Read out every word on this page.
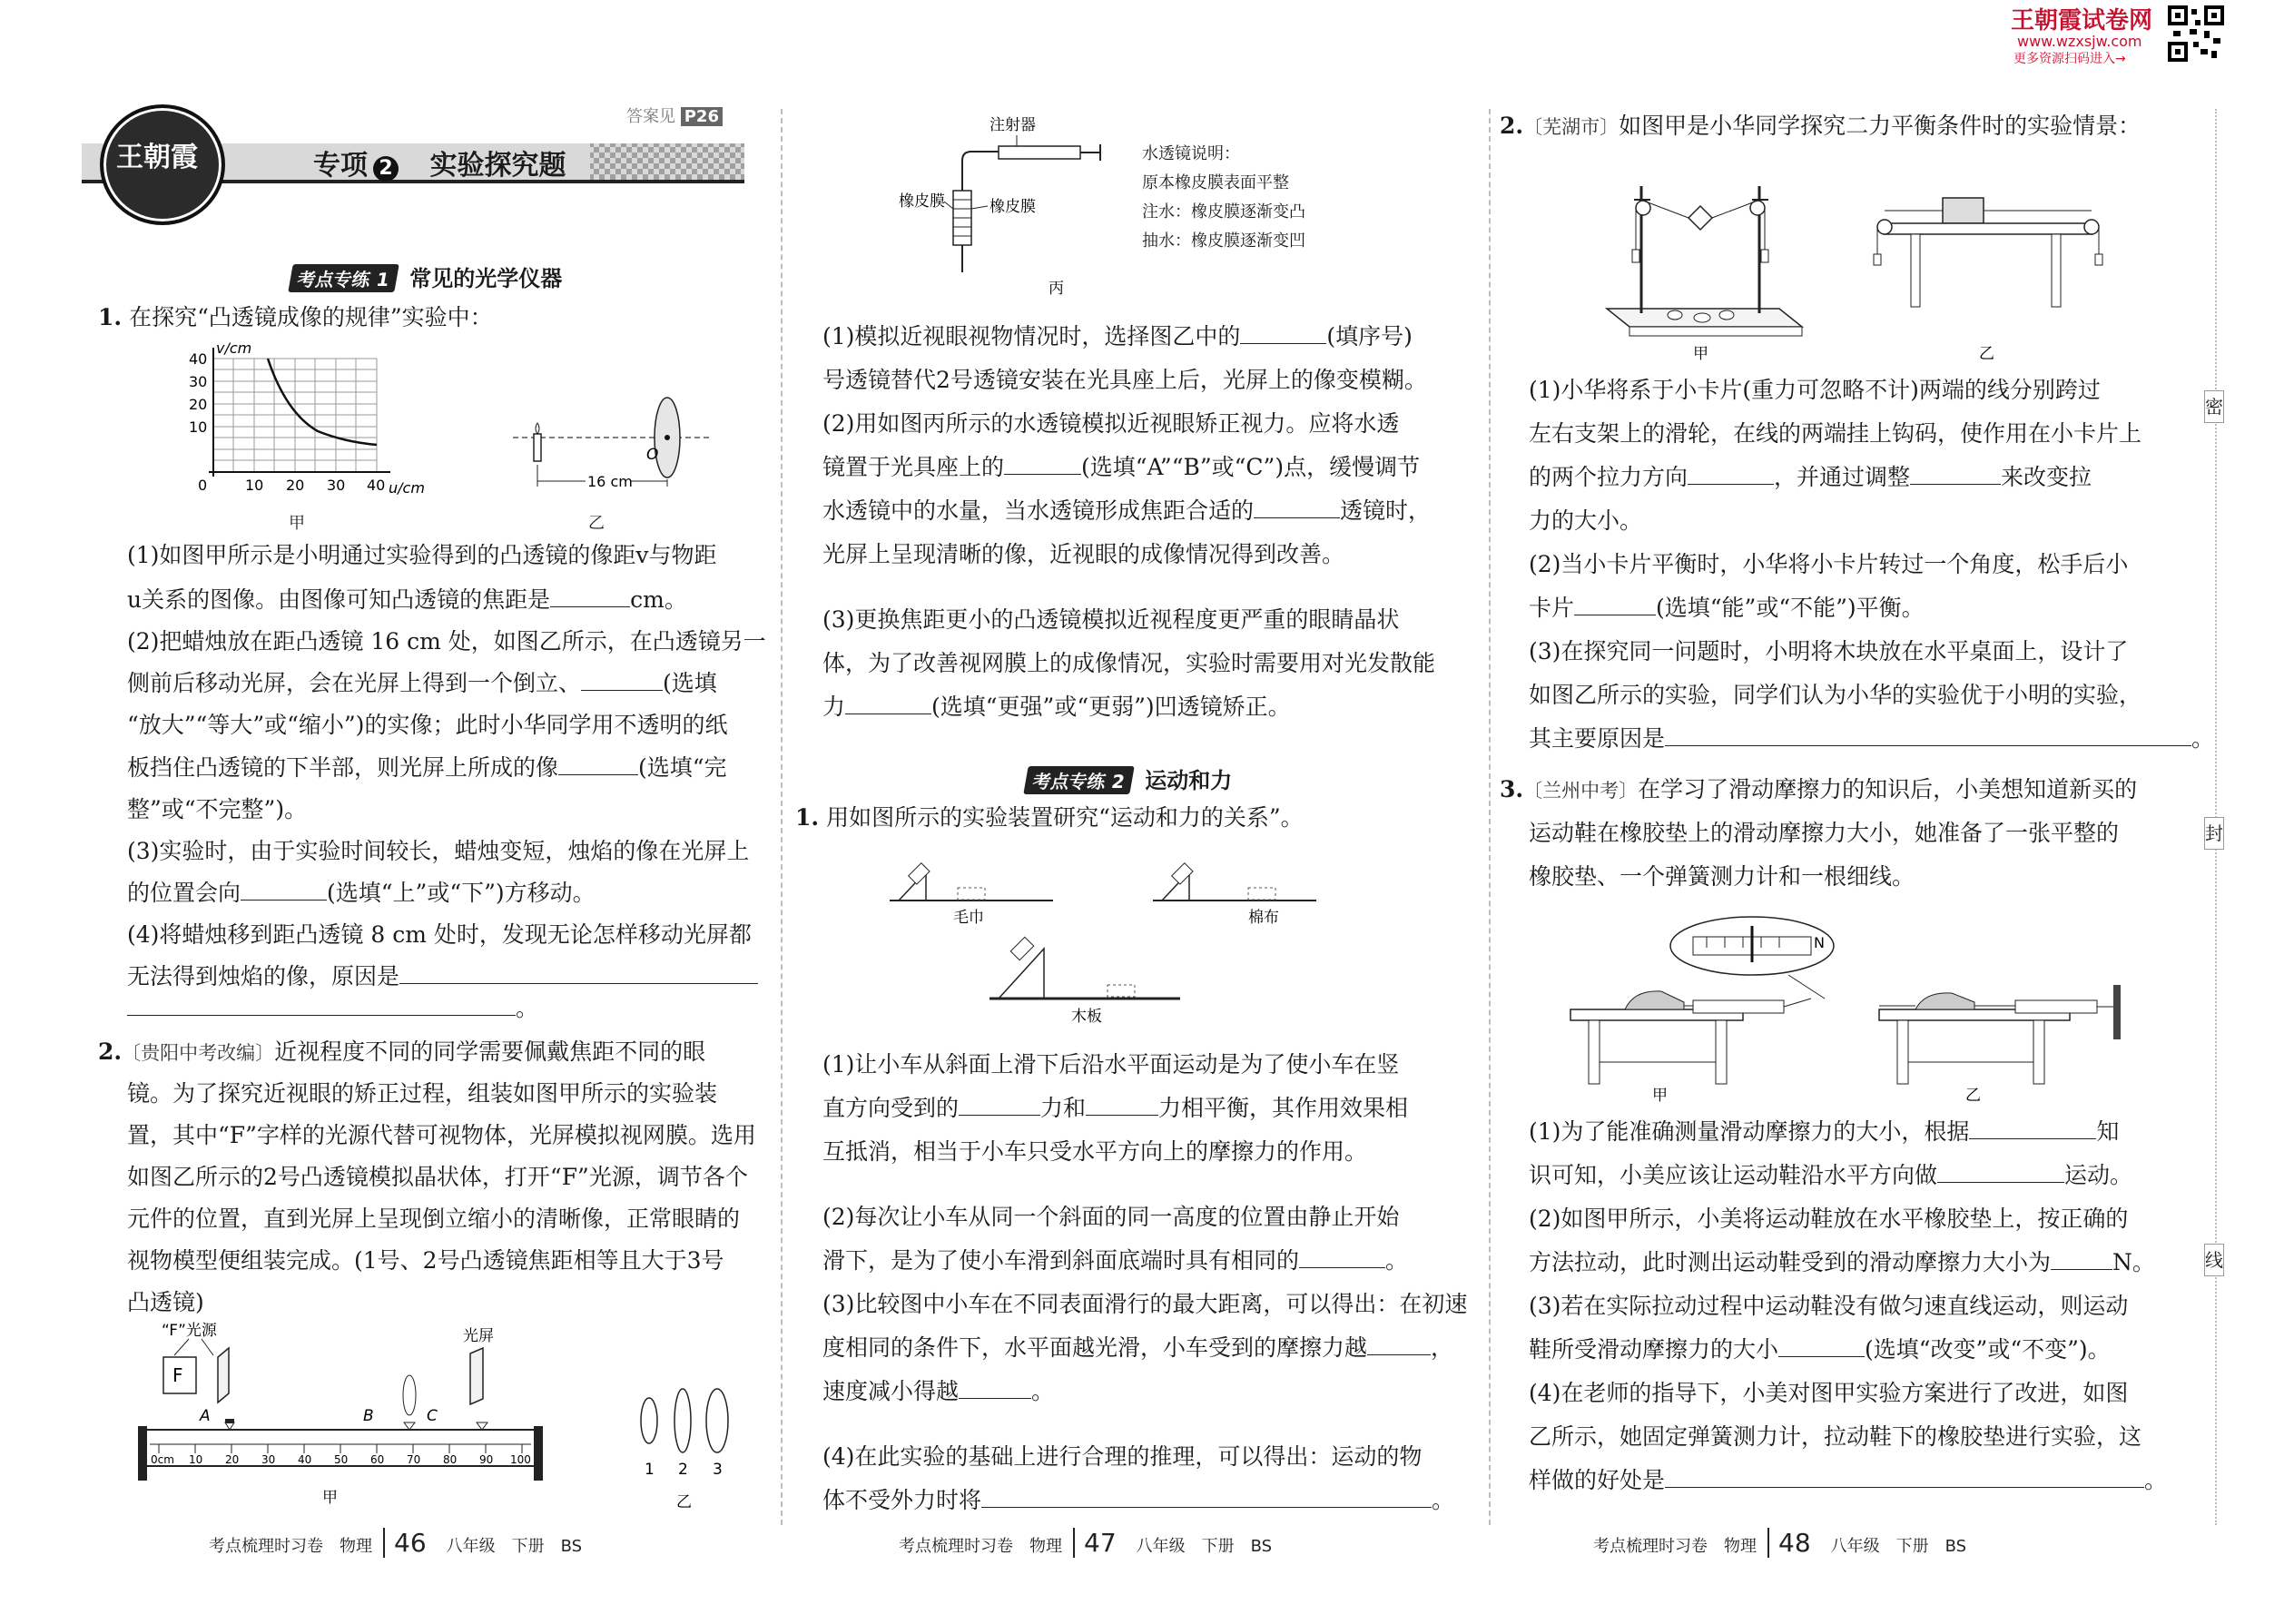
密
封
线
王朝霞试卷网
www.wzxsjw.com
更多资源扫码进入→
王朝霞
答案见 P26
专项 2 实验探究题
考点专练 1 常见的光学仪器
1. 在探究“凸透镜成像的规律”实验中：
v/cm
u/cm
0
40
30
20
10
10 20 30 40
甲
16 cm
O
乙
(1)如图甲所示是小明通过实验得到的凸透镜的像距v与物距
u关系的图像。由图像可知凸透镜的焦距是	cm。
(2)把蜡烛放在距凸透镜 16 cm 处，如图乙所示，在凸透镜另一
侧前后移动光屏，会在光屏上得到一个倒立、	(选填
“放大”“等大”或“缩小”)的实像；此时小华同学用不透明的纸
板挡住凸透镜的下半部，则光屏上所成的像	(选填“完
整”或“不完整”)。
(3)实验时，由于实验时间较长，蜡烛变短，烛焰的像在光屏上
的位置会向	(选填“上”或“下”)方移动。
(4)将蜡烛移到距凸透镜 8 cm 处时，发现无论怎样移动光屏都
无法得到烛焰的像，原因是
。
2.〔贵阳中考改编〕近视程度不同的同学需要佩戴焦距不同的眼
镜。为了探究近视眼的矫正过程，组装如图甲所示的实验装
置，其中“F”字样的光源代替可视物体，光屏模拟视网膜。选用
如图乙所示的2号凸透镜模拟晶状体，打开“F”光源，调节各个
元件的位置，直到光屏上呈现倒立缩小的清晰像，正常眼睛的
视物模型便组装完成。(1号、2号凸透镜焦距相等且大于3号
凸透镜)
“F”光源
F
光屏
A	B	C
0cm 10 20 30 40 50 60 70 80 90 100
甲
1 2 3
乙
考点梳理时习卷　物理 46 八年级　下册　BS
注射器
橡皮膜	橡皮膜
丙
水透镜说明：
原本橡皮膜表面平整
注水：橡皮膜逐渐变凸
抽水：橡皮膜逐渐变凹
(1)模拟近视眼视物情况时，选择图乙中的	(填序号)
号透镜替代2号透镜安装在光具座上后，光屏上的像变模糊。
(2)用如图丙所示的水透镜模拟近视眼矫正视力。应将水透
镜置于光具座上的	(选填“A”“B”或“C”)点，缓慢调节
水透镜中的水量，当水透镜形成焦距合适的	透镜时，
光屏上呈现清晰的像，近视眼的成像情况得到改善。
(3)更换焦距更小的凸透镜模拟近视程度更严重的眼睛晶状
体，为了改善视网膜上的成像情况，实验时需要用对光发散能
力	(选填“更强”或“更弱”)凹透镜矫正。
考点专练 2 运动和力
1. 用如图所示的实验装置研究“运动和力的关系”。
毛巾	棉布
木板
(1)让小车从斜面上滑下后沿水平面运动是为了使小车在竖
直方向受到的	力和	力相平衡，其作用效果相
互抵消，相当于小车只受水平方向上的摩擦力的作用。
(2)每次让小车从同一个斜面的同一高度的位置由静止开始
滑下，是为了使小车滑到斜面底端时具有相同的	。
(3)比较图中小车在不同表面滑行的最大距离，可以得出：在初速
度相同的条件下，水平面越光滑，小车受到的摩擦力越	，
速度减小得越	。
(4)在此实验的基础上进行合理的推理，可以得出：运动的物
体不受外力时将	。
考点梳理时习卷　物理 47 八年级　下册　BS
2.〔芜湖市〕如图甲是小华同学探究二力平衡条件时的实验情景：
甲	乙
(1)小华将系于小卡片(重力可忽略不计)两端的线分别跨过
左右支架上的滑轮，在线的两端挂上钩码，使作用在小卡片上
的两个拉力方向	，并通过调整	来改变拉
力的大小。
(2)当小卡片平衡时，小华将小卡片转过一个角度，松手后小
卡片	(选填“能”或“不能”)平衡。
(3)在探究同一问题时，小明将木块放在水平桌面上，设计了
如图乙所示的实验，同学们认为小华的实验优于小明的实验，
其主要原因是	。
3.〔兰州中考〕在学习了滑动摩擦力的知识后，小美想知道新买的
运动鞋在橡胶垫上的滑动摩擦力大小，她准备了一张平整的
橡胶垫、一个弹簧测力计和一根细线。
N
甲	乙
(1)为了能准确测量滑动摩擦力的大小，根据	知
识可知，小美应该让运动鞋沿水平方向做	运动。
(2)如图甲所示，小美将运动鞋放在水平橡胶垫上，按正确的
方法拉动，此时测出运动鞋受到的滑动摩擦力大小为	N。
(3)若在实际拉动过程中运动鞋没有做匀速直线运动，则运动
鞋所受滑动摩擦力的大小	(选填“改变”或“不变”)。
(4)在老师的指导下，小美对图甲实验方案进行了改进，如图
乙所示，她固定弹簧测力计，拉动鞋下的橡胶垫进行实验，这
样做的好处是	。
考点梳理时习卷　物理 48 八年级　下册　BS
